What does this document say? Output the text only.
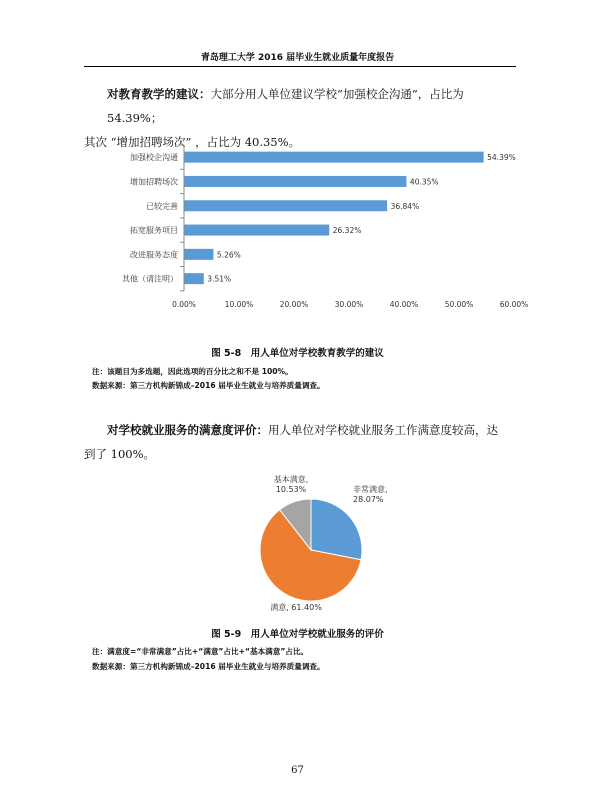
青岛理工大学 2016 届毕业生就业质量年度报告
对教育教学的建议：大部分用人单位建议学校“加强校企沟通”，占比为 54.39%；
其次 “增加招聘场次” ，占比为 40.35%。
加强校企沟通	54.39%
增加招聘场次	40.35%
已较完善	36.84%
拓宽服务项目	26.32%
改进服务态度	5.26%
其他（请注明）	3.51%
0.00%	10.00%	20.00%	30.00%	40.00%	50.00%	60.00%
图 5-8　用人单位对学校教育教学的建议
注：该题目为多选题，因此选项的百分比之和不是 100%。
数据来源：第三方机构新锦成–2016 届毕业生就业与培养质量调查。
对学校就业服务的满意度评价：用人单位对学校就业服务工作满意度较高，达
到了 100%。
非常满意, 28.07%
满意, 61.40%
基本满意, 10.53%
图 5-9　用人单位对学校就业服务的评价
注：满意度=“非常满意”占比+“满意”占比+“基本满意”占比。
数据来源：第三方机构新锦成–2016 届毕业生就业与培养质量调查。
67
